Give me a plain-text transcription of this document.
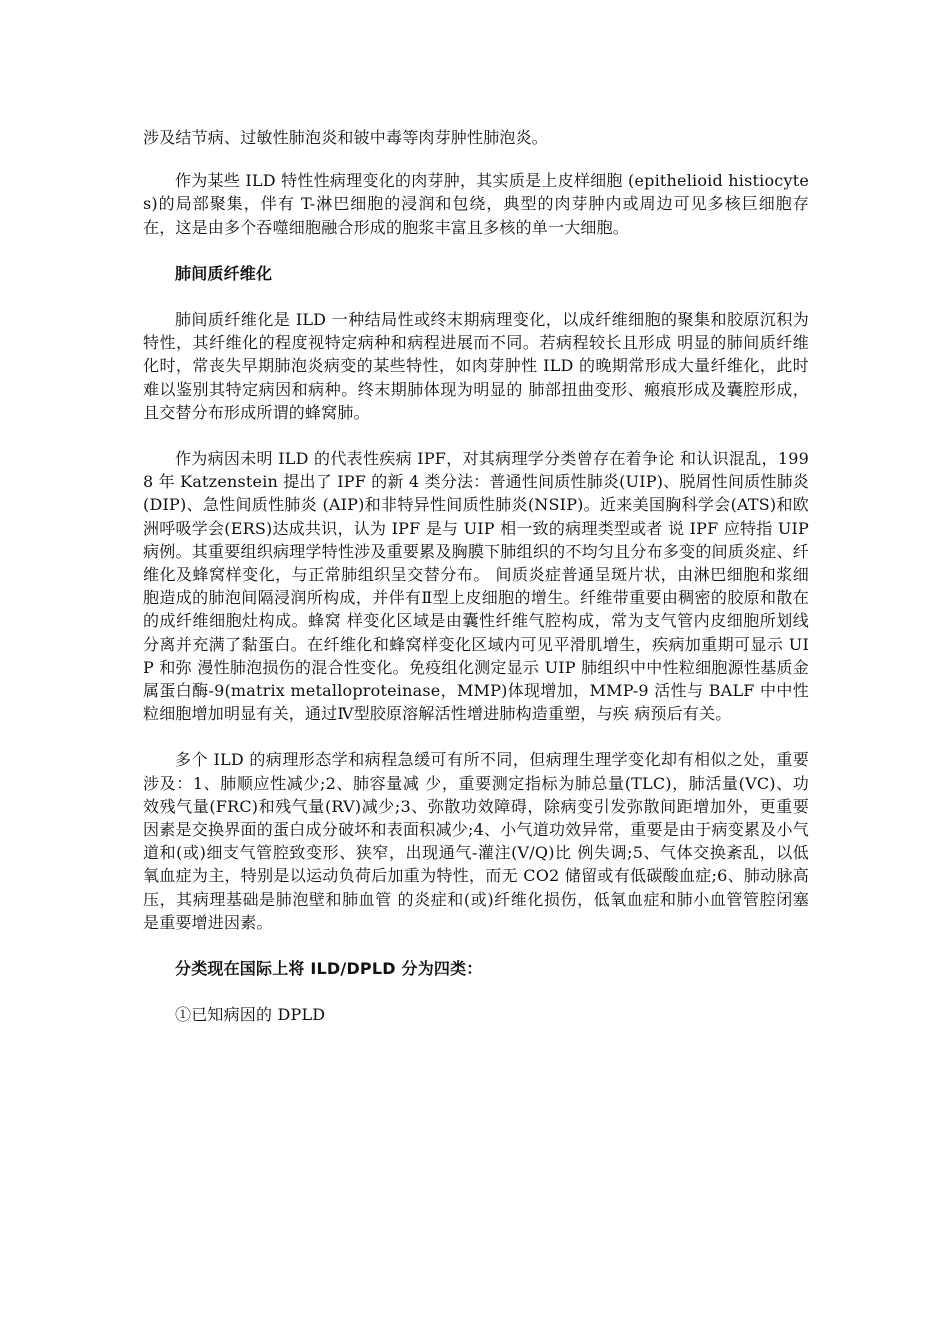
涉及结节病、过敏性肺泡炎和铍中毒等肉芽肿性肺泡炎。

作为某些 ILD 特性性病理变化的肉芽肿，其实质是上皮样细胞 (epithelioid histiocytes)的局部聚集，伴有 T-淋巴细胞的浸润和包绕，典型的肉芽肿内或周边可见多核巨细胞存在，这是由多个吞噬细胞融合形成的胞浆丰富且多核的单一大细胞。

肺间质纤维化

肺间质纤维化是 ILD 一种结局性或终末期病理变化，以成纤维细胞的聚集和胶原沉积为特性，其纤维化的程度视特定病种和病程进展而不同。若病程较长且形成 明显的肺间质纤维化时，常丧失早期肺泡炎病变的某些特性，如肉芽肿性 ILD 的晚期常形成大量纤维化，此时难以鉴别其特定病因和病种。终末期肺体现为明显的 肺部扭曲变形、瘢痕形成及囊腔形成，且交替分布形成所谓的蜂窝肺。

作为病因未明 ILD 的代表性疾病 IPF，对其病理学分类曾存在着争论 和认识混乱，1998 年 Katzenstein 提出了 IPF 的新 4 类分法：普通性间质性肺炎(UIP)、脱屑性间质性肺炎(DIP)、急性间质性肺炎 (AIP)和非特异性间质性肺炎(NSIP)。近来美国胸科学会(ATS)和欧洲呼吸学会(ERS)达成共识，认为 IPF 是与 UIP 相一致的病理类型或者 说 IPF 应特指 UIP 病例。其重要组织病理学特性涉及重要累及胸膜下肺组织的不均匀且分布多变的间质炎症、纤维化及蜂窝样变化，与正常肺组织呈交替分布。 间质炎症普通呈斑片状，由淋巴细胞和浆细胞造成的肺泡间隔浸润所构成，并伴有Ⅱ型上皮细胞的增生。纤维带重要由稠密的胶原和散在的成纤维细胞灶构成。蜂窝 样变化区域是由囊性纤维气腔构成，常为支气管内皮细胞所划线分离并充满了黏蛋白。在纤维化和蜂窝样变化区域内可见平滑肌增生，疾病加重期可显示 UIP 和弥 漫性肺泡损伤的混合性变化。免疫组化测定显示 UIP 肺组织中中性粒细胞源性基质金属蛋白酶-9(matrix metalloproteinase，MMP)体现增加，MMP-9 活性与 BALF 中中性粒细胞增加明显有关，通过Ⅳ型胶原溶解活性增进肺构造重塑，与疾 病预后有关。

多个 ILD 的病理形态学和病程急缓可有所不同，但病理生理学变化却有相似之处，重要涉及：1、肺顺应性减少;2、肺容量减 少，重要测定指标为肺总量(TLC)，肺活量(VC)、功效残气量(FRC)和残气量(RV)减少;3、弥散功效障碍，除病变引发弥散间距增加外，更重要 因素是交换界面的蛋白成分破坏和表面积减少;4、小气道功效异常，重要是由于病变累及小气道和(或)细支气管腔致变形、狭窄，出现通气-灌注(V/Q)比 例失调;5、气体交换紊乱，以低氧血症为主，特别是以运动负荷后加重为特性，而无 CO2 储留或有低碳酸血症;6、肺动脉高压，其病理基础是肺泡壁和肺血管 的炎症和(或)纤维化损伤，低氧血症和肺小血管管腔闭塞是重要增进因素。

分类现在国际上将 ILD/DPLD 分为四类：

①已知病因的 DPLD
